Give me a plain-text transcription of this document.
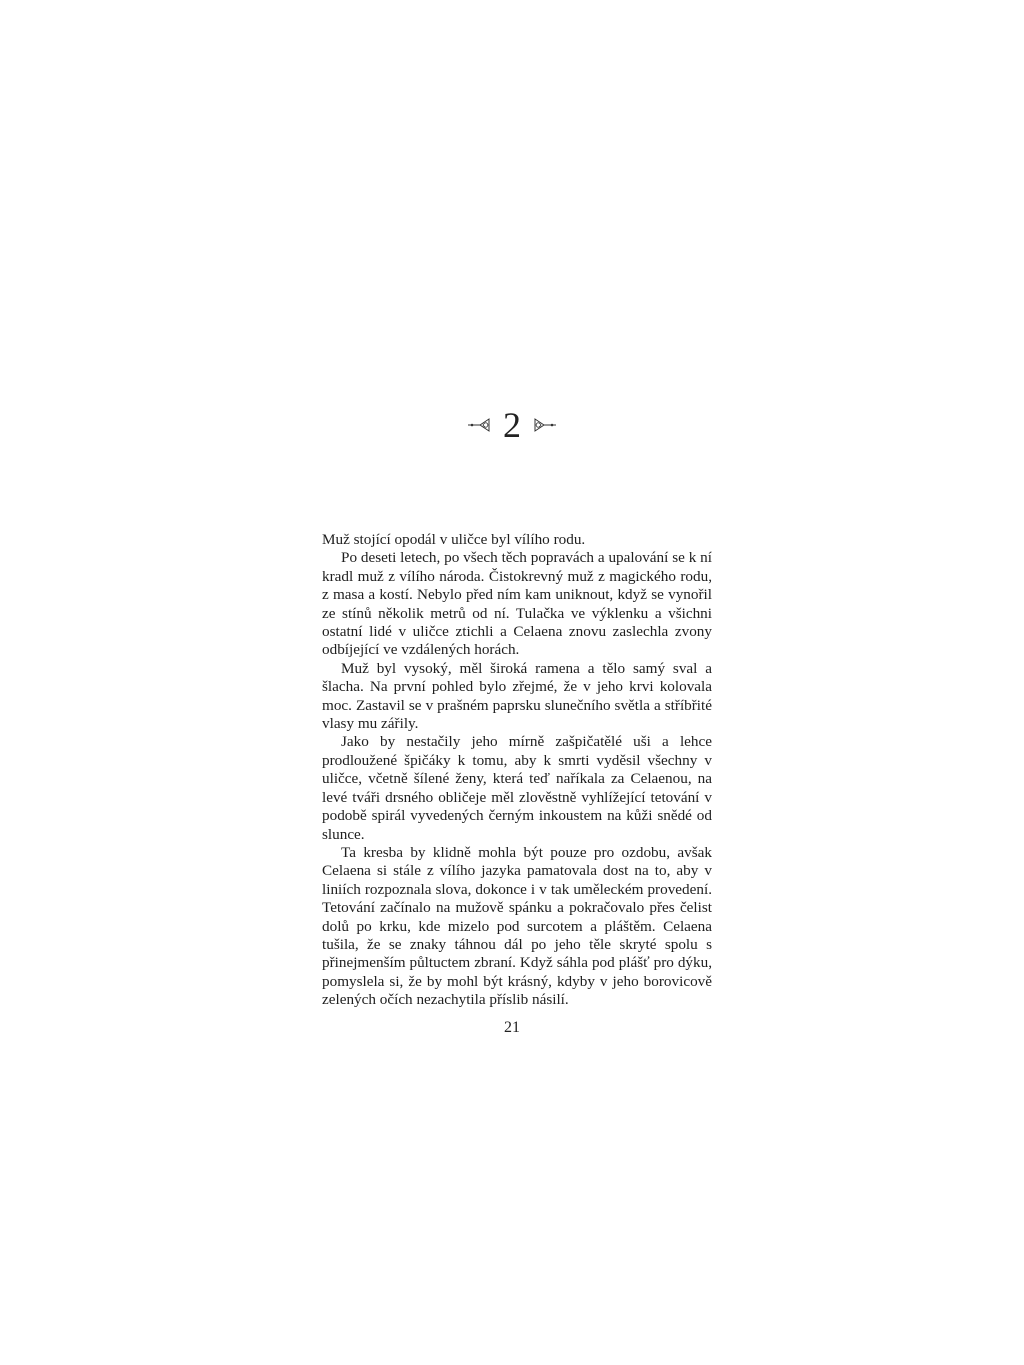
2

Muž stojící opodál v uličce byl vílího rodu.

Po deseti letech, po všech těch popravách a upalování se k ní kradl muž z vílího národa. Čistokrevný muž z magického rodu, z masa a kostí. Nebylo před ním kam uniknout, když se vynořil ze stínů několik metrů od ní. Tulačka ve výklenku a všichni ostatní lidé v uličce ztichli a Celaena znovu zaslechla zvony odbíjející ve vzdálených horách.

Muž byl vysoký, měl široká ramena a tělo samý sval a šlacha. Na první pohled bylo zřejmé, že v jeho krvi kolovala moc. Zastavil se v prašném paprsku slunečního světla a stříbřité vlasy mu zářily.

Jako by nestačily jeho mírně zašpičatělé uši a lehce prodloužené špičáky k tomu, aby k smrti vyděsil všechny v uličce, včetně šílené ženy, která teď naříkala za Celaenou, na levé tváři drsného obličeje měl zlověstně vyhlížející tetování v podobě spirál vyvedených černým inkoustem na kůži snědé od slunce.

Ta kresba by klidně mohla být pouze pro ozdobu, avšak Celaena si stále z vílího jazyka pamatovala dost na to, aby v liniích rozpoznala slova, dokonce i v tak uměleckém provedení. Tetování začínalo na mužově spánku a pokračovalo přes čelist dolů po krku, kde mizelo pod surcotem a pláštěm. Celaena tušila, že se znaky táhnou dál po jeho těle skryté spolu s přinejmenším půltuctem zbraní. Když sáhla pod plášť pro dýku, pomyslela si, že by mohl být krásný, kdyby v jeho borovicově zelených očích nezachytila příslib násilí.

21
